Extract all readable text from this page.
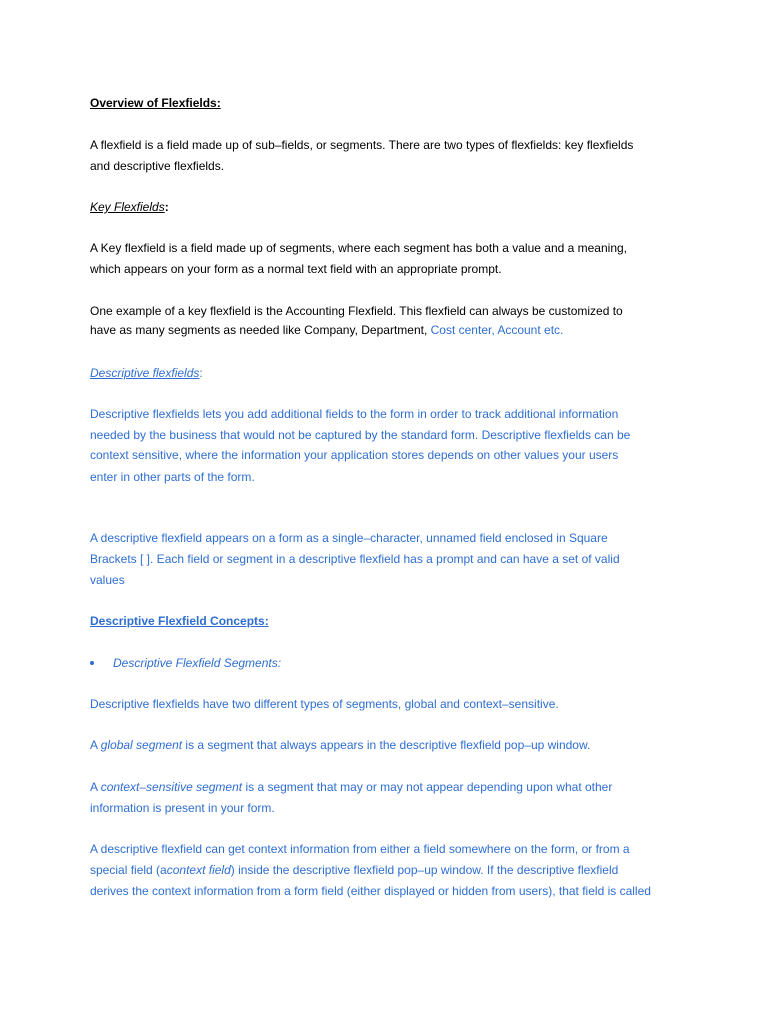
Overview of Flexfields:
A flexfield is a field made up of sub–fields, or segments. There are two types of flexfields: key flexfields
and descriptive flexfields.
Key Flexfields:
A Key flexfield is a field made up of segments, where each segment has both a value and a meaning,
which appears on your form as a normal text field with an appropriate prompt.
One example of a key flexfield is the Accounting Flexfield. This flexfield can always be customized to
have as many segments as needed like Company, Department, Cost center, Account etc.
Descriptive flexfields:
Descriptive flexfields lets you add additional fields to the form in order to track additional information
needed by the business that would not be captured by the standard form. Descriptive flexfields can be
context sensitive, where the information your application stores depends on other values your users
enter in other parts of the form.
A descriptive flexfield appears on a form as a single–character, unnamed field enclosed in Square
Brackets [ ]. Each field or segment in a descriptive flexfield has a prompt and can have a set of valid
values
Descriptive Flexfield Concepts:
Descriptive Flexfield Segments:
Descriptive flexfields have two different types of segments, global and context–sensitive.
A global segment is a segment that always appears in the descriptive flexfield pop–up window.
A context–sensitive segment is a segment that may or may not appear depending upon what other
information is present in your form.
A descriptive flexfield can get context information from either a field somewhere on the form, or from a
special field (acontext field) inside the descriptive flexfield pop–up window. If the descriptive flexfield
derives the context information from a form field (either displayed or hidden from users), that field is called
